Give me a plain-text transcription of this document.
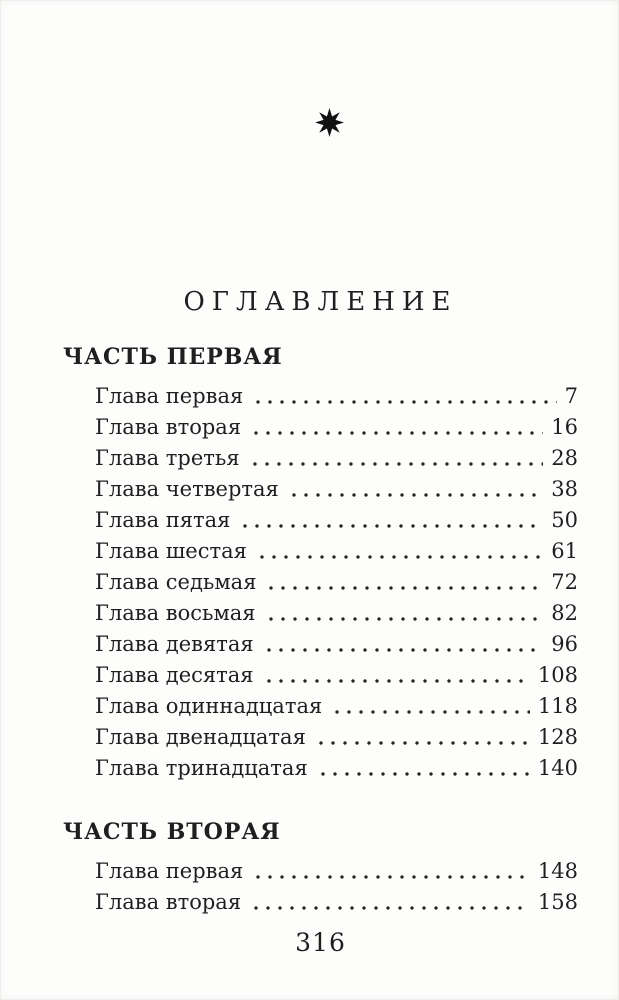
ОГЛАВЛЕНИЕ
ЧАСТЬ ПЕРВАЯ
Глава первая	7
Глава вторая	16
Глава третья	28
Глава четвертая	38
Глава пятая	50
Глава шестая	61
Глава седьмая	72
Глава восьмая	82
Глава девятая	96
Глава десятая	108
Глава одиннадцатая	118
Глава двенадцатая	128
Глава тринадцатая	140
ЧАСТЬ ВТОРАЯ
Глава первая	148
Глава вторая	158
316
